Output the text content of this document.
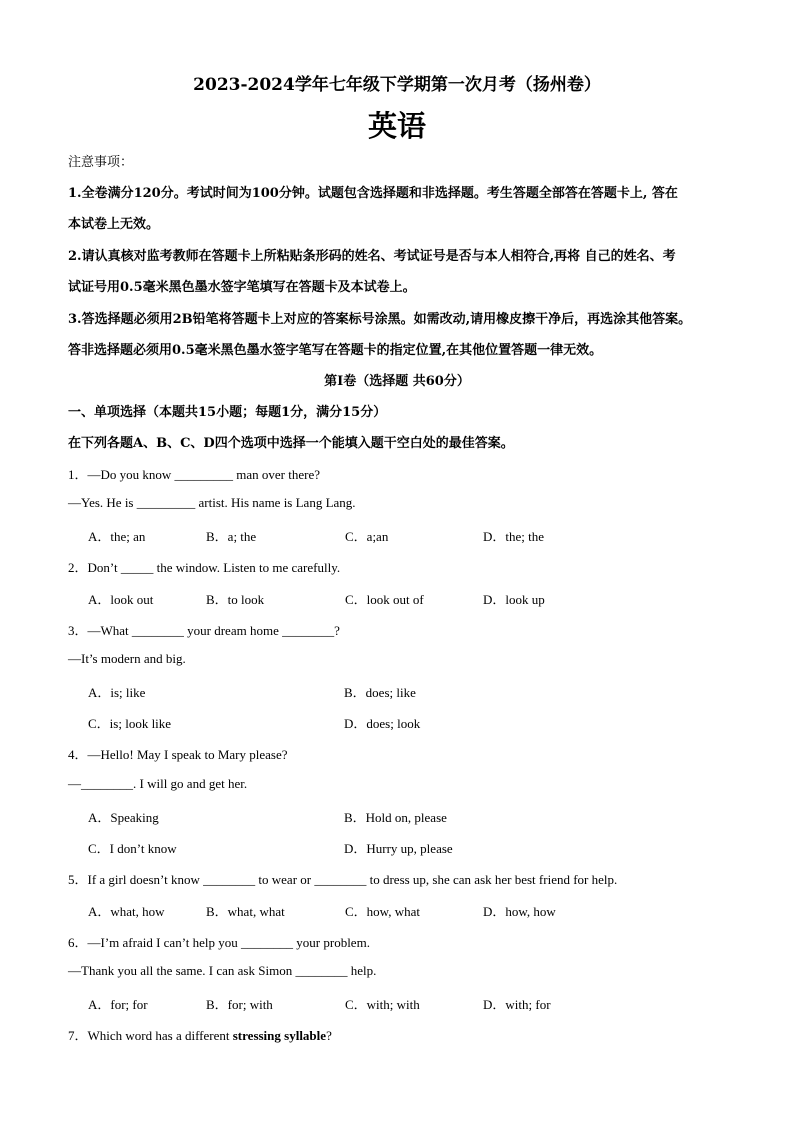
2023-2024学年七年级下学期第一次月考（扬州卷）
英语
注意事项：
1.全卷满分120分。考试时间为100分钟。试题包含选择题和非选择题。考生答题全部答在答题卡上, 答在
本试卷上无效。
2.请认真核对监考教师在答题卡上所粘贴条形码的姓名、考试证号是否与本人相符合,再将 自己的姓名、考
试证号用0.5毫米黑色墨水签字笔填写在答题卡及本试卷上。
3.答选择题必须用2B铅笔将答题卡上对应的答案标号涂黑。如需改动,请用橡皮擦干净后，再选涂其他答案。
答非选择题必须用0.5毫米黑色墨水签字笔写在答题卡的指定位置,在其他位置答题一律无效。
第I卷（选择题 共60分）
一、单项选择（本题共15小题；每题1分，满分15分）
在下列各题A、B、C、D四个选项中选择一个能填入题干空白处的最佳答案。
1．—Do you know _________ man over there?
—Yes. He is _________ artist. His name is Lang Lang.
A．the; an	B．a; the	C．a;an	D．the; the
2．Don’t _____ the window. Listen to me carefully.
A．look out	B．to look	C．look out of	D．look up
3．—What ________ your dream home ________?
—It’s modern and big.
A．is; like	B．does; like
C．is; look like	D．does; look
4．—Hello! May I speak to Mary please?
—________. I will go and get her.
A．Speaking	B．Hold on, please
C．I don’t know	D．Hurry up, please
5．If a girl doesn’t know ________ to wear or ________ to dress up, she can ask her best friend for help.
A．what, how	B．what, what	C．how, what	D．how, how
6．—I’m afraid I can’t help you ________ your problem.
—Thank you all the same. I can ask Simon ________ help.
A．for; for	B．for; with	C．with; with	D．with; for
7．Which word has a different stressing syllable?
